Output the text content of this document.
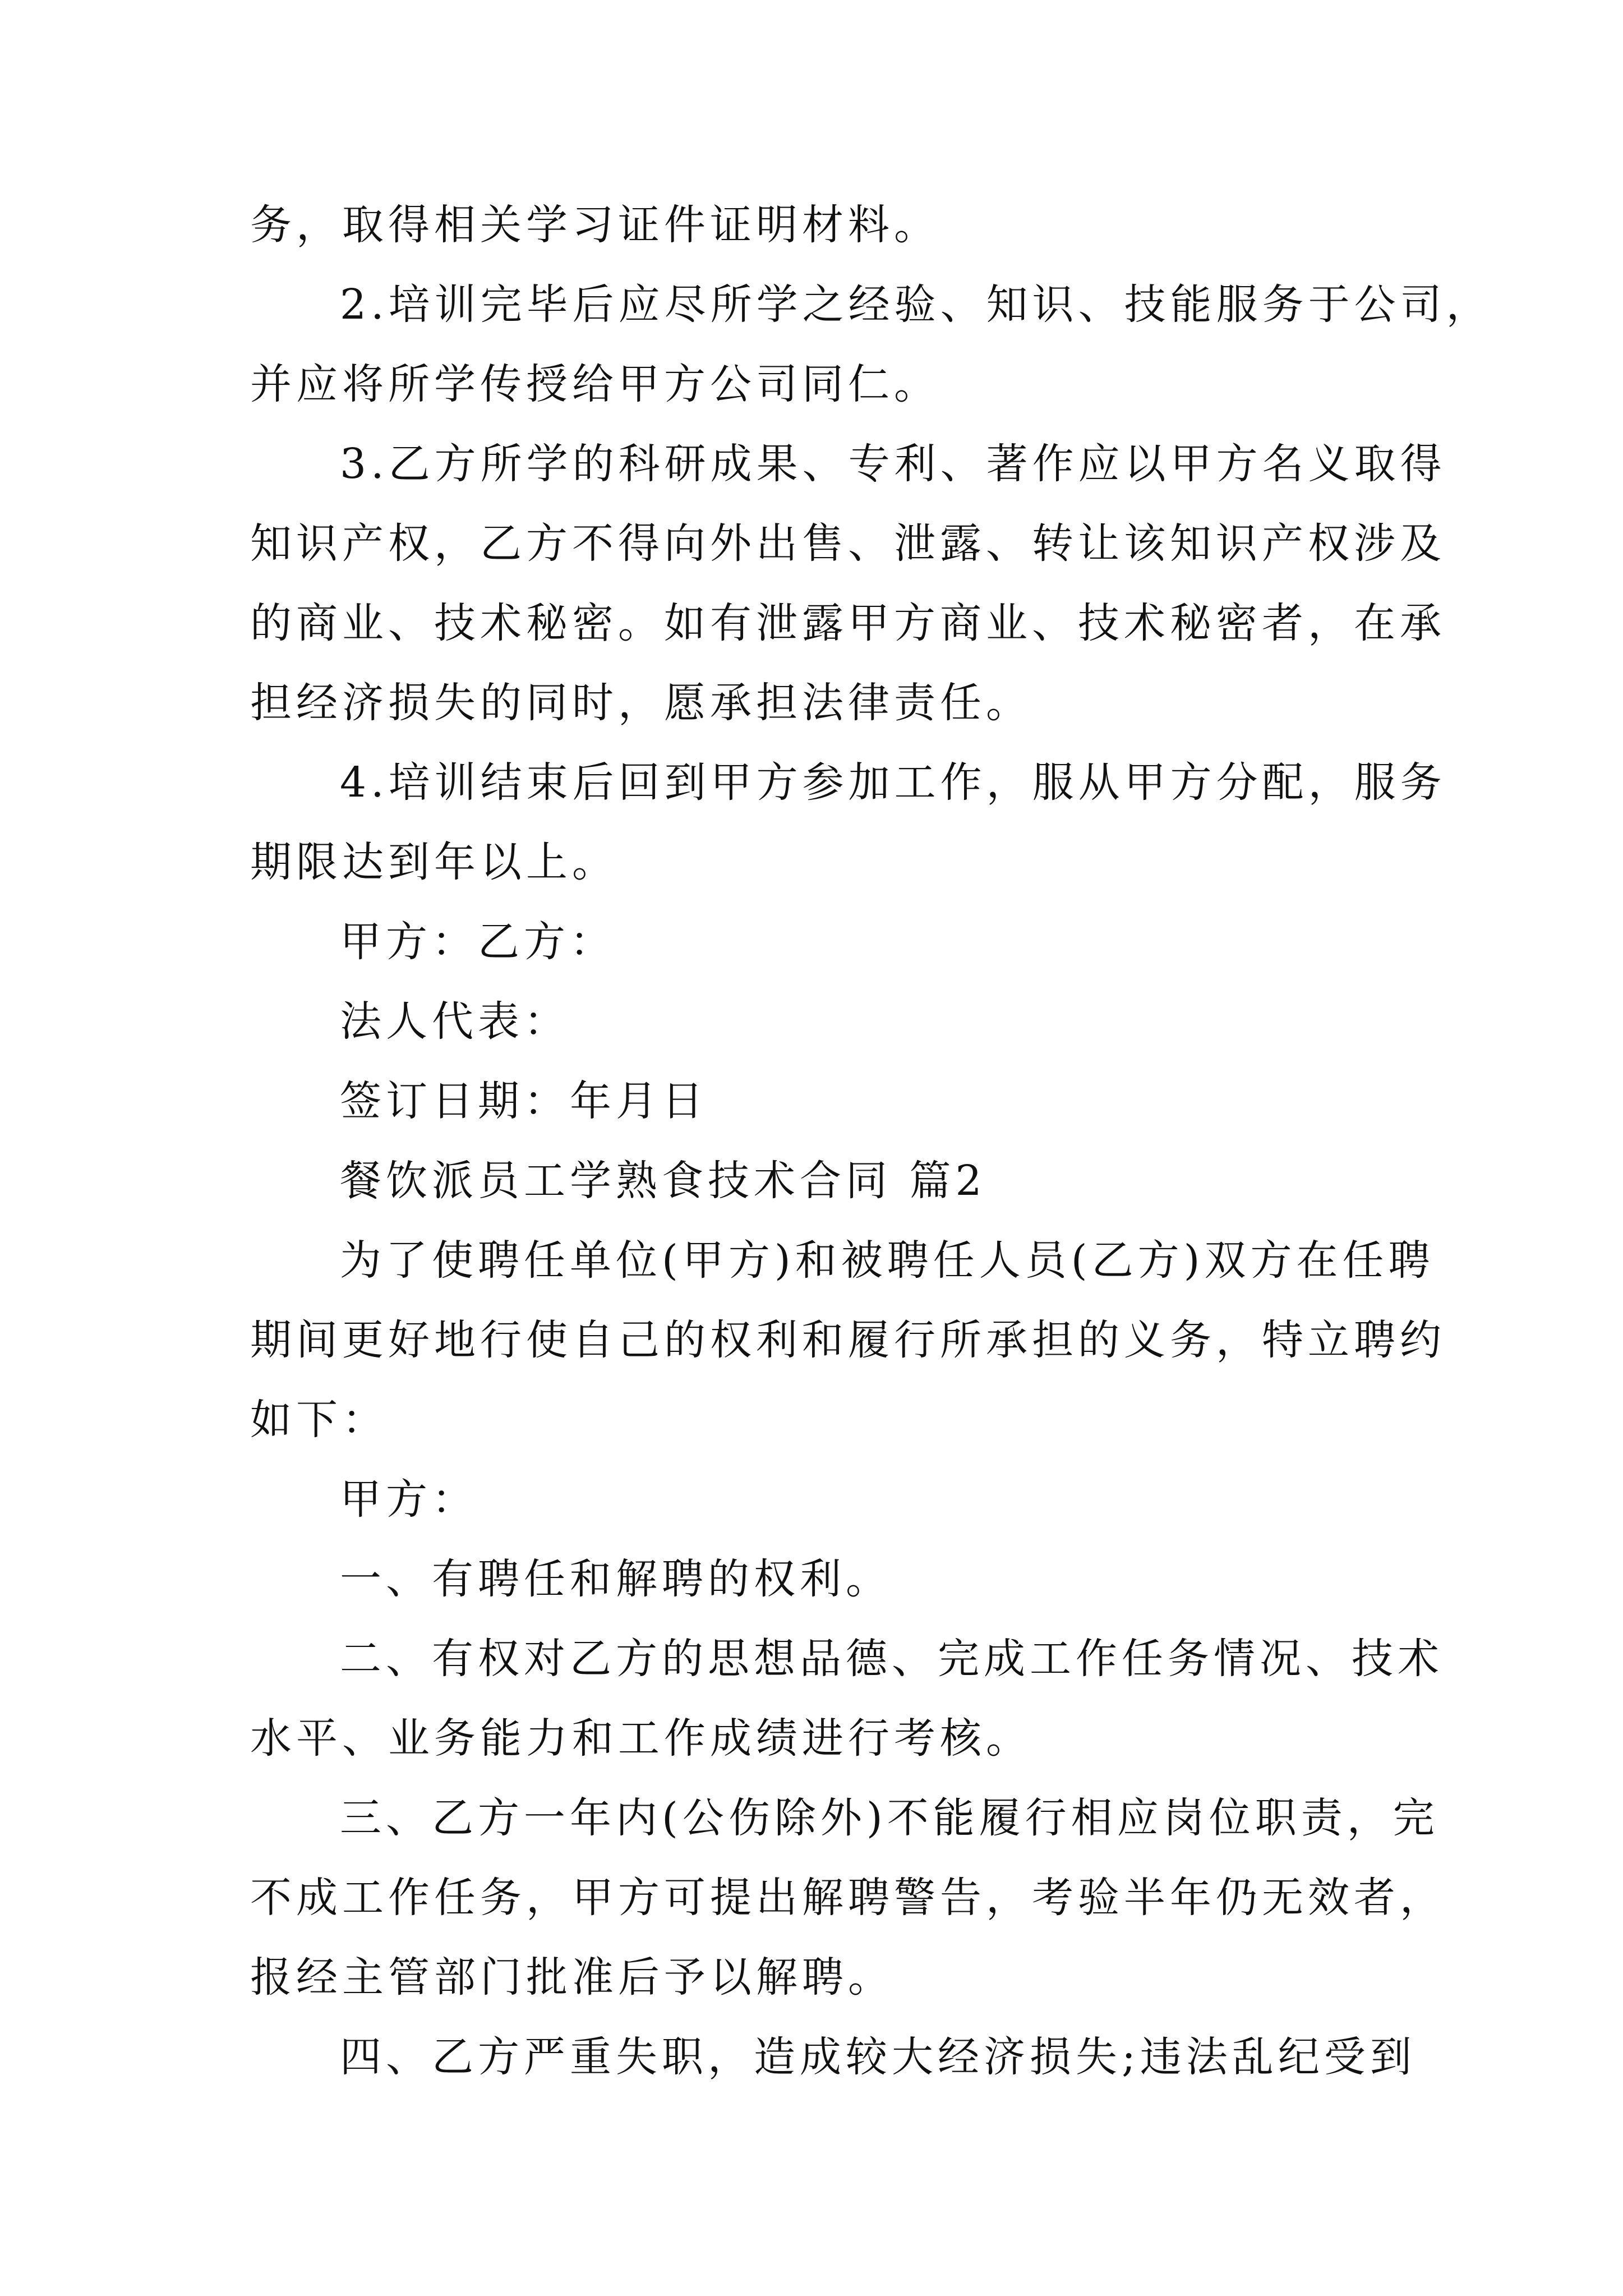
务，取得相关学习证件证明材料。
2.培训完毕后应尽所学之经验、知识、技能服务于公司，
并应将所学传授给甲方公司同仁。
3.乙方所学的科研成果、专利、著作应以甲方名义取得
知识产权，乙方不得向外出售、泄露、转让该知识产权涉及
的商业、技术秘密。如有泄露甲方商业、技术秘密者，在承
担经济损失的同时，愿承担法律责任。
4.培训结束后回到甲方参加工作，服从甲方分配，服务
期限达到年以上。
甲方：乙方：
法人代表：
签订日期：年月日
餐饮派员工学熟食技术合同 篇2
为了使聘任单位(甲方)和被聘任人员(乙方)双方在任聘
期间更好地行使自己的权利和履行所承担的义务，特立聘约
如下：
甲方：
一、有聘任和解聘的权利。
二、有权对乙方的思想品德、完成工作任务情况、技术
水平、业务能力和工作成绩进行考核。
三、乙方一年内(公伤除外)不能履行相应岗位职责，完
不成工作任务，甲方可提出解聘警告，考验半年仍无效者，
报经主管部门批准后予以解聘。
四、乙方严重失职，造成较大经济损失;违法乱纪受到
